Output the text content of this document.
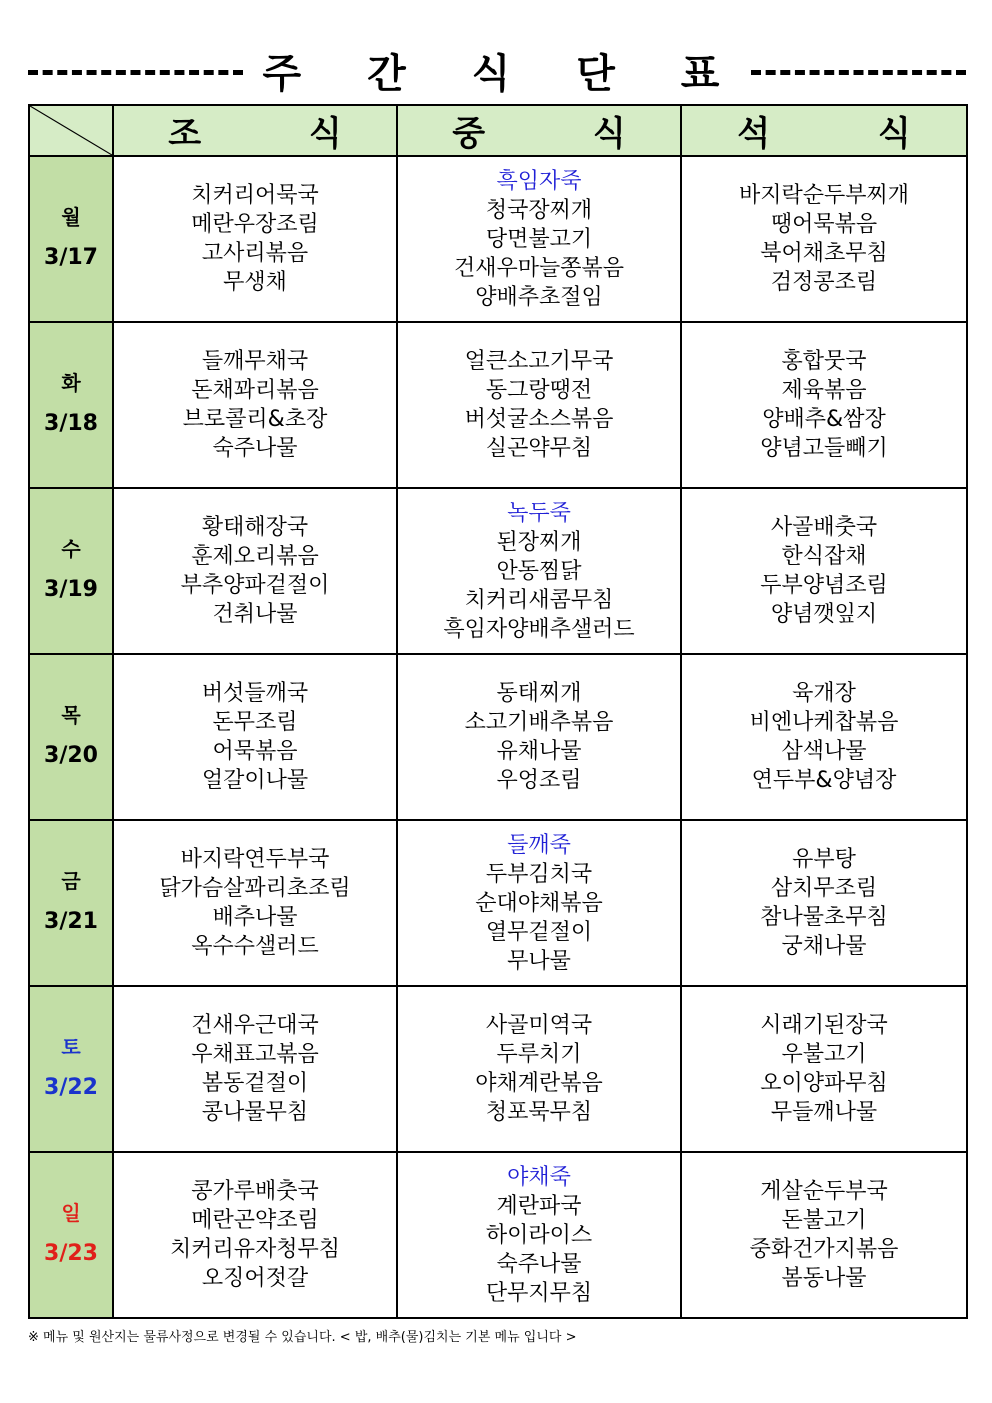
주 간 식 단 표
	조 식	중 식	석 식

월
3/17	치커리어묵국
메란우장조림
고사리볶음
무생채	흑임자죽
청국장찌개
당면불고기
건새우마늘쫑볶음
양배추초절임	바지락순두부찌개
땡어묵볶음
북어채초무침
검정콩조림

화
3/18	들깨무채국
돈채꽈리볶음
브로콜리&초장
숙주나물	얼큰소고기무국
동그랑땡전
버섯굴소스볶음
실곤약무침	홍합뭇국
제육볶음
양배추&쌈장
양념고들빼기

수
3/19	황태해장국
훈제오리볶음
부추양파겉절이
건취나물	녹두죽
된장찌개
안동찜닭
치커리새콤무침
흑임자양배추샐러드	사골배춧국
한식잡채
두부양념조림
양념깻잎지

목
3/20	버섯들깨국
돈무조림
어묵볶음
얼갈이나물	동태찌개
소고기배추볶음
유채나물
우엉조림	육개장
비엔나케찹볶음
삼색나물
연두부&양념장

금
3/21	바지락연두부국
닭가슴살꽈리초조림
배추나물
옥수수샐러드	들깨죽
두부김치국
순대야채볶음
열무겉절이
무나물	유부탕
삼치무조림
참나물초무침
궁채나물

토
3/22	건새우근대국
우채표고볶음
봄동겉절이
콩나물무침	사골미역국
두루치기
야채계란볶음
청포묵무침	시래기된장국
우불고기
오이양파무침
무들깨나물

일
3/23	콩가루배춧국
메란곤약조림
치커리유자청무침
오징어젓갈	야채죽
계란파국
하이라이스
숙주나물
단무지무침	게살순두부국
돈불고기
중화건가지볶음
봄동나물
※ 메뉴 및 원산지는 물류사정으로 변경될 수 있습니다. < 밥, 배추(물)김치는 기본 메뉴 입니다 >
